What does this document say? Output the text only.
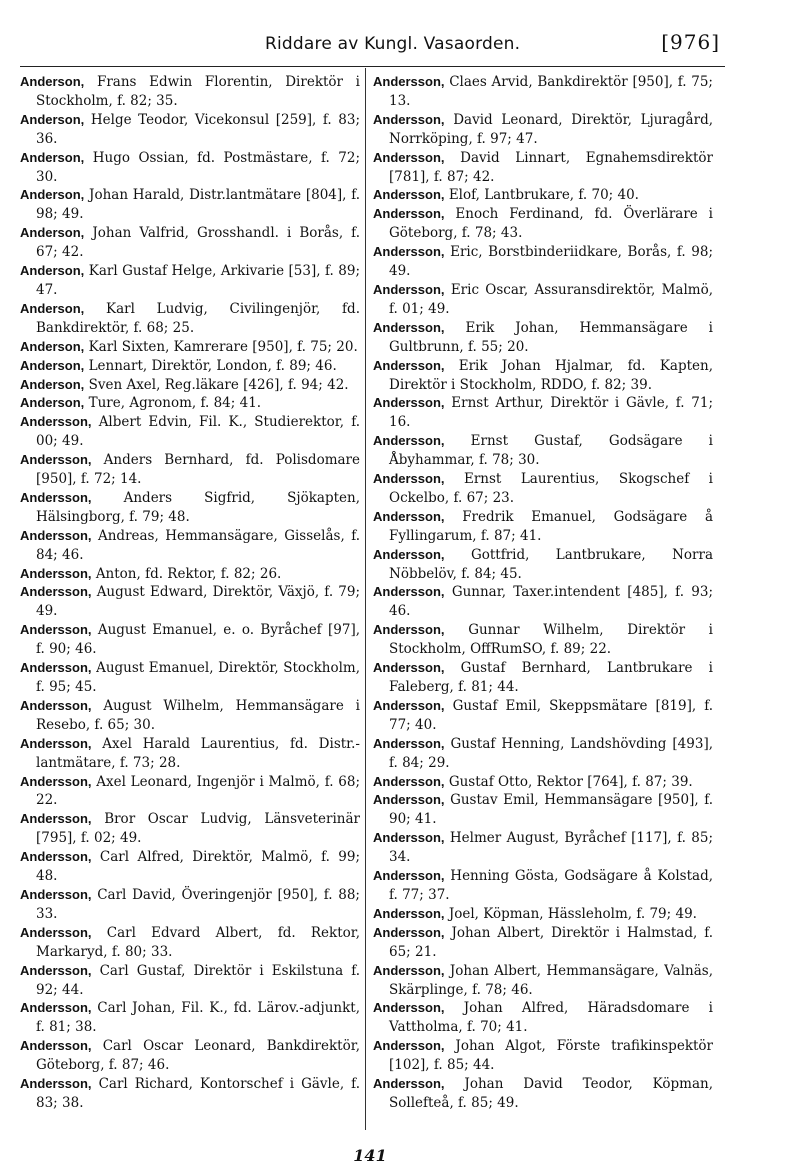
Riddare av Kungl. Vasaorden.	[976]

Anderson, Frans Edwin Florentin, Direktör i Stockholm, f. 82; 35.

Anderson, Helge Teodor, Vicekonsul [259], f. 83; 36.

Anderson, Hugo Ossian, fd. Postmästare, f. 72; 30.

Anderson, Johan Harald, Distr.lantmätare [804], f. 98; 49.

Anderson, Johan Valfrid, Grosshandl. i Borås, f. 67; 42.

Anderson, Karl Gustaf Helge, Arkivarie [53], f. 89; 47.

Anderson, Karl Ludvig, Civilingenjör, fd. Bankdirektör, f. 68; 25.

Anderson, Karl Sixten, Kamrerare [950], f. 75; 20.

Anderson, Lennart, Direktör, London, f. 89; 46.

Anderson, Sven Axel, Reg.läkare [426], f. 94; 42.

Anderson, Ture, Agronom, f. 84; 41.

Andersson, Albert Edvin, Fil. K., Studierektor, f. 00; 49.

Andersson, Anders Bernhard, fd. Polisdomare [950], f. 72; 14.

Andersson, Anders Sigfrid, Sjökapten, Hälsingborg, f. 79; 48.

Andersson, Andreas, Hemmansägare, Gisselås, f. 84; 46.

Andersson, Anton, fd. Rektor, f. 82; 26.

Andersson, August Edward, Direktör, Växjö, f. 79; 49.

Andersson, August Emanuel, e. o. Byråchef [97], f. 90; 46.

Andersson, August Emanuel, Direktör, Stockholm, f. 95; 45.

Andersson, August Wilhelm, Hemmansägare i Resebo, f. 65; 30.

Andersson, Axel Harald Laurentius, fd. Distr.-lantmätare, f. 73; 28.

Andersson, Axel Leonard, Ingenjör i Malmö, f. 68; 22.

Andersson, Bror Oscar Ludvig, Länsveterinär [795], f. 02; 49.

Andersson, Carl Alfred, Direktör, Malmö, f. 99; 48.

Andersson, Carl David, Överingenjör [950], f. 88; 33.

Andersson, Carl Edvard Albert, fd. Rektor, Markaryd, f. 80; 33.

Andersson, Carl Gustaf, Direktör i Eskilstuna f. 92; 44.

Andersson, Carl Johan, Fil. K., fd. Lärov.-adjunkt, f. 81; 38.

Andersson, Carl Oscar Leonard, Bankdirektör, Göteborg, f. 87; 46.

Andersson, Carl Richard, Kontorschef i Gävle, f. 83; 38.

Andersson, Claes Arvid, Bankdirektör [950], f. 75; 13.

Andersson, David Leonard, Direktör, Ljuragård, Norrköping, f. 97; 47.

Andersson, David Linnart, Egnahemsdirektör [781], f. 87; 42.

Andersson, Elof, Lantbrukare, f. 70; 40.

Andersson, Enoch Ferdinand, fd. Överlärare i Göteborg, f. 78; 43.

Andersson, Eric, Borstbinderiidkare, Borås, f. 98; 49.

Andersson, Eric Oscar, Assuransdirektör, Malmö, f. 01; 49.

Andersson, Erik Johan, Hemmansägare i Gultbrunn, f. 55; 20.

Andersson, Erik Johan Hjalmar, fd. Kapten, Direktör i Stockholm, RDDO, f. 82; 39.

Andersson, Ernst Arthur, Direktör i Gävle, f. 71; 16.

Andersson, Ernst Gustaf, Godsägare i Åbyhammar, f. 78; 30.

Andersson, Ernst Laurentius, Skogschef i Ockelbo, f. 67; 23.

Andersson, Fredrik Emanuel, Godsägare å Fyllingarum, f. 87; 41.

Andersson, Gottfrid, Lantbrukare, Norra Nöbbelöv, f. 84; 45.

Andersson, Gunnar, Taxer.intendent [485], f. 93; 46.

Andersson, Gunnar Wilhelm, Direktör i Stockholm, OffRumSO, f. 89; 22.

Andersson, Gustaf Bernhard, Lantbrukare i Faleberg, f. 81; 44.

Andersson, Gustaf Emil, Skeppsmätare [819], f. 77; 40.

Andersson, Gustaf Henning, Landshövding [493], f. 84; 29.

Andersson, Gustaf Otto, Rektor [764], f. 87; 39.

Andersson, Gustav Emil, Hemmansägare [950], f. 90; 41.

Andersson, Helmer August, Byråchef [117], f. 85; 34.

Andersson, Henning Gösta, Godsägare å Kolstad, f. 77; 37.

Andersson, Joel, Köpman, Hässleholm, f. 79; 49.

Andersson, Johan Albert, Direktör i Halmstad, f. 65; 21.

Andersson, Johan Albert, Hemmansägare, Valnäs, Skärplinge, f. 78; 46.

Andersson, Johan Alfred, Häradsdomare i Vattholma, f. 70; 41.

Andersson, Johan Algot, Förste trafikinspektör [102], f. 85; 44.

Andersson, Johan David Teodor, Köpman, Sollefteå, f. 85; 49.

141
